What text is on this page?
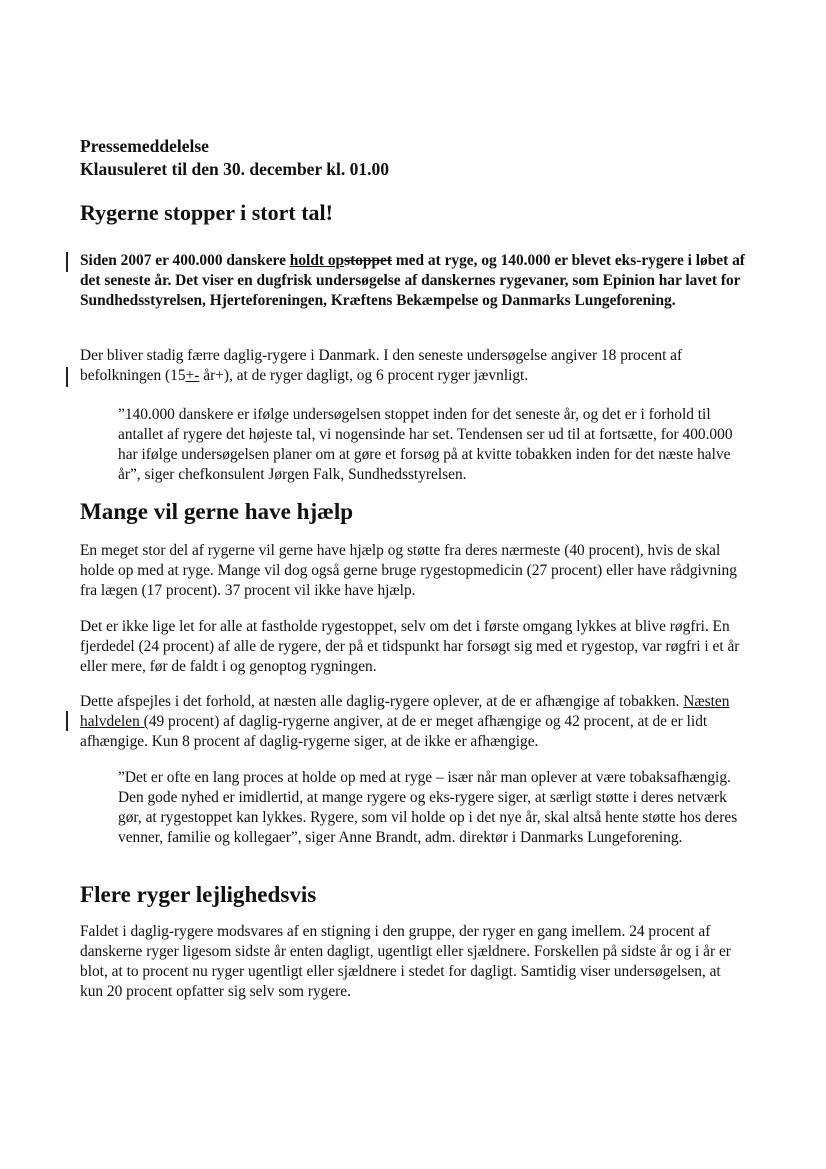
Pressemeddelelse
Klausuleret til den 30. december kl. 01.00
Rygerne stopper i stort tal!

Siden 2007 er 400.000 danskere holdt opstoppet med at ryge, og 140.000 er blevet eks-rygere i løbet af det seneste år. Det viser en dugfrisk undersøgelse af danskernes rygevaner, som Epinion har lavet for Sundhedsstyrelsen, Hjerteforeningen, Kræftens Bekæmpelse og Danmarks Lungeforening.

Der bliver stadig færre daglig-rygere i Danmark. I den seneste undersøgelse angiver 18 procent af befolkningen (15+- år+), at de ryger dagligt, og 6 procent ryger jævnligt.

”140.000 danskere er ifølge undersøgelsen stoppet inden for det seneste år, og det er i forhold til antallet af rygere det højeste tal, vi nogensinde har set. Tendensen ser ud til at fortsætte, for 400.000 har ifølge undersøgelsen planer om at gøre et forsøg på at kvitte tobakken inden for det næste halve år”, siger chefkonsulent Jørgen Falk, Sundhedsstyrelsen.

Mange vil gerne have hjælp

En meget stor del af rygerne vil gerne have hjælp og støtte fra deres nærmeste (40 procent), hvis de skal holde op med at ryge. Mange vil dog også gerne bruge rygestopmedicin (27 procent) eller have rådgivning fra lægen (17 procent). 37 procent vil ikke have hjælp.

Det er ikke lige let for alle at fastholde rygestoppet, selv om det i første omgang lykkes at blive røgfri. En fjerdedel (24 procent) af alle de rygere, der på et tidspunkt har forsøgt sig med et rygestop, var røgfri i et år eller mere, før de faldt i og genoptog rygningen.

Dette afspejles i det forhold, at næsten alle daglig-rygere oplever, at de er afhængige af tobakken. Næsten halvdelen (49 procent) af daglig-rygerne angiver, at de er meget afhængige og 42 procent, at de er lidt afhængige. Kun 8 procent af daglig-rygerne siger, at de ikke er afhængige.

”Det er ofte en lang proces at holde op med at ryge – især når man oplever at være tobaksafhængig. Den gode nyhed er imidlertid, at mange rygere og eks-rygere siger, at særligt støtte i deres netværk gør, at rygestoppet kan lykkes. Rygere, som vil holde op i det nye år, skal altså hente støtte hos deres venner, familie og kollegaer”, siger Anne Brandt, adm. direktør i Danmarks Lungeforening.

Flere ryger lejlighedsvis

Faldet i daglig-rygere modsvares af en stigning i den gruppe, der ryger en gang imellem. 24 procent af danskerne ryger ligesom sidste år enten dagligt, ugentligt eller sjældnere. Forskellen på sidste år og i år er blot, at to procent nu ryger ugentligt eller sjældnere i stedet for dagligt. Samtidig viser undersøgelsen, at kun 20 procent opfatter sig selv som rygere.
